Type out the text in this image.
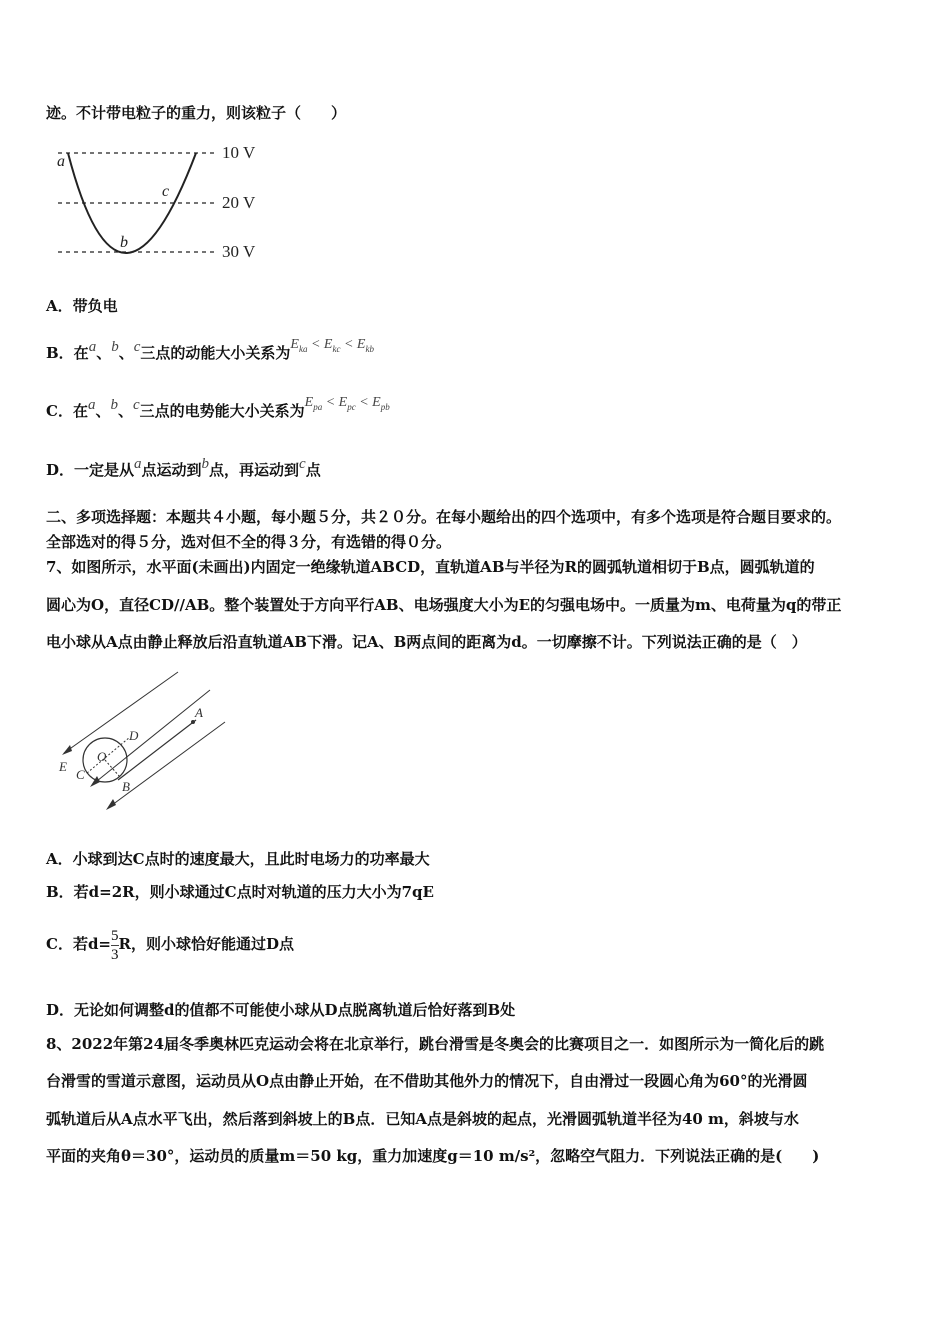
迹。不计带电粒子的重力，则该粒子（　　）
10 V
20 V
30 V
a
b
c
A．带负电
B．在a、b、c三点的动能大小关系为$E_{ka} < E_{kc} < E_{kb}$
C．在a、b、c三点的电势能大小关系为$E_{pa} < E_{pc} < E_{pb}$
D．一定是从a点运动到b点，再运动到c点
二、多项选择题：本题共４小题，每小题５分，共２０分。在每小题给出的四个选项中，有多个选项是符合题目要求的。
全部选对的得５分，选对但不全的得３分，有选错的得０分。
7、如图所示，水平面(未画出)内固定一绝缘轨道ABCD，直轨道AB与半径为R的圆弧轨道相切于B点，圆弧轨道的
圆心为O，直径CD//AB。整个装置处于方向平行AB、电场强度大小为E的匀强电场中。一质量为m、电荷量为q的带正
电小球从A点由静止释放后沿直轨道AB下滑。记A、B两点间的距离为d。一切摩擦不计。下列说法正确的是（　）
A
D
O
E
C
B
A．小球到达C点时的速度最大，且此时电场力的功率最大
B．若d=2R，则小球通过C点时对轨道的压力大小为7qE
C．若$d= \frac{5}{3}$ R，则小球恰好能通过D点
D．无论如何调整d的值都不可能使小球从D点脱离轨道后恰好落到B处
8、2022年第24届冬季奥林匹克运动会将在北京举行，跳台滑雪是冬奥会的比赛项目之一．如图所示为一简化后的跳
台滑雪的雪道示意图，运动员从O点由静止开始，在不借助其他外力的情况下，自由滑过一段圆心角为60°的光滑圆
弧轨道后从A点水平飞出，然后落到斜坡上的B点．已知A点是斜坡的起点，光滑圆弧轨道半径为40 m，斜坡与水
平面的夹角θ＝30°，运动员的质量m＝50 kg，重力加速度g＝10 m/s²，忽略空气阻力．下列说法正确的是(　　)
